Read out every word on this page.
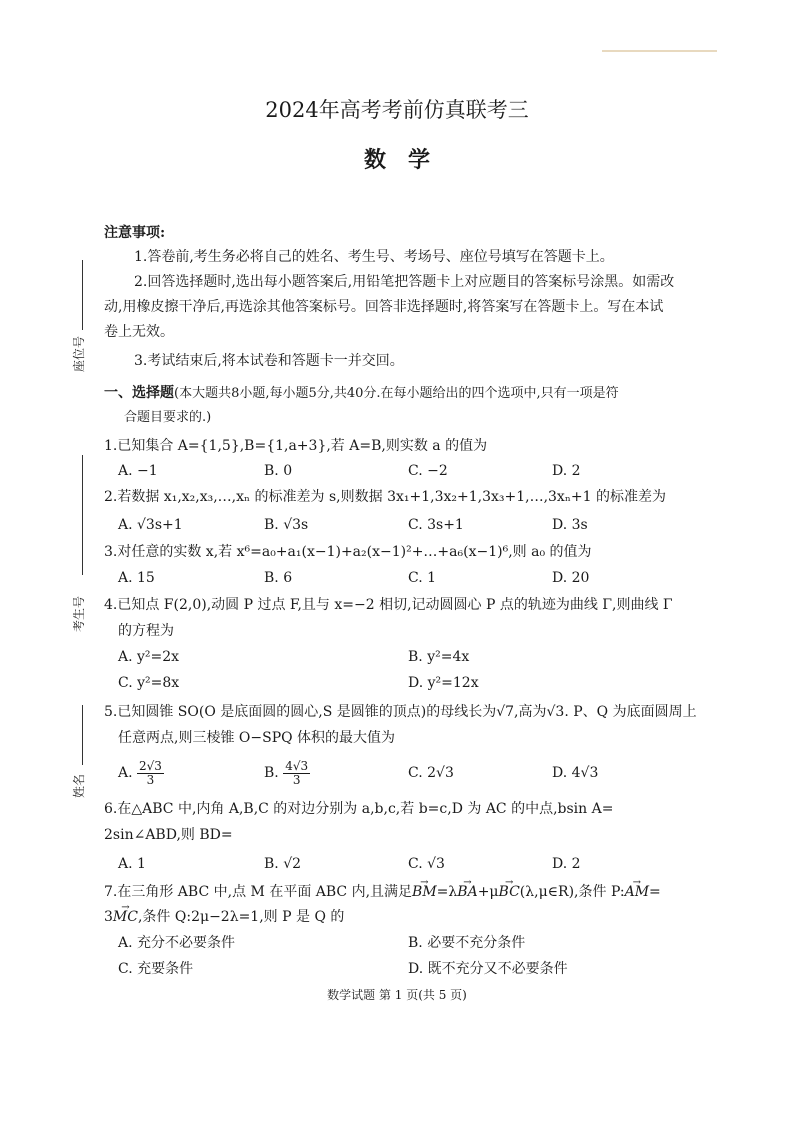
座位号
考生号
姓名
2024年高考考前仿真联考三
数　学
注意事项:
1.答卷前,考生务必将自己的姓名、考生号、考场号、座位号填写在答题卡上。
2.回答选择题时,选出每小题答案后,用铅笔把答题卡上对应题目的答案标号涂黑。如需改
动,用橡皮擦干净后,再选涂其他答案标号。回答非选择题时,将答案写在答题卡上。写在本试
卷上无效。
3.考试结束后,将本试卷和答题卡一并交回。
一、选择题(本大题共8小题,每小题5分,共40分.在每小题给出的四个选项中,只有一项是符
合题目要求的.)
1.已知集合 A={1,5},B={1,a+3},若 A=B,则实数 a 的值为
A. −1	B. 0	C. −2	D. 2
2.若数据 x₁,x₂,x₃,…,xₙ 的标准差为 s,则数据 3x₁+1,3x₂+1,3x₃+1,…,3xₙ+1 的标准差为
A. √3s+1	B. √3s	C. 3s+1	D. 3s
3.对任意的实数 x,若 x⁶=a₀+a₁(x−1)+a₂(x−1)²+…+a₆(x−1)⁶,则 a₀ 的值为
A. 15	B. 6	C. 1	D. 20
4.已知点 F(2,0),动圆 P 过点 F,且与 x=−2 相切,记动圆圆心 P 点的轨迹为曲线 Γ,则曲线 Γ
的方程为
A. y²=2x	B. y²=4x
C. y²=8x	D. y²=12x
5.已知圆锥 SO(O 是底面圆的圆心,S 是圆锥的顶点)的母线长为√7,高为√3. P、Q 为底面圆周上
任意两点,则三棱锥 O−SPQ 体积的最大值为
A. $\frac{2√3}{3}$	B. $\frac{4√3}{3}$	C. 2√3	D. 4√3
6.在△ABC 中,内角 A,B,C 的对边分别为 a,b,c,若 b=c,D 为 AC 的中点,bsin A=
2sin∠ABD,则 BD=
A. 1	B. √2	C. √3	D. 2
7.在三角形 ABC 中,点 M 在平面 ABC 内,且满足→ BM=λ→ BA+μ→ BC(λ,μ∈R),条件 P:→ AM=
3→ MC,条件 Q:2μ−2λ=1,则 P 是 Q 的
A. 充分不必要条件	B. 必要不充分条件
C. 充要条件	D. 既不充分又不必要条件
数学试题 第 1 页(共 5 页)
